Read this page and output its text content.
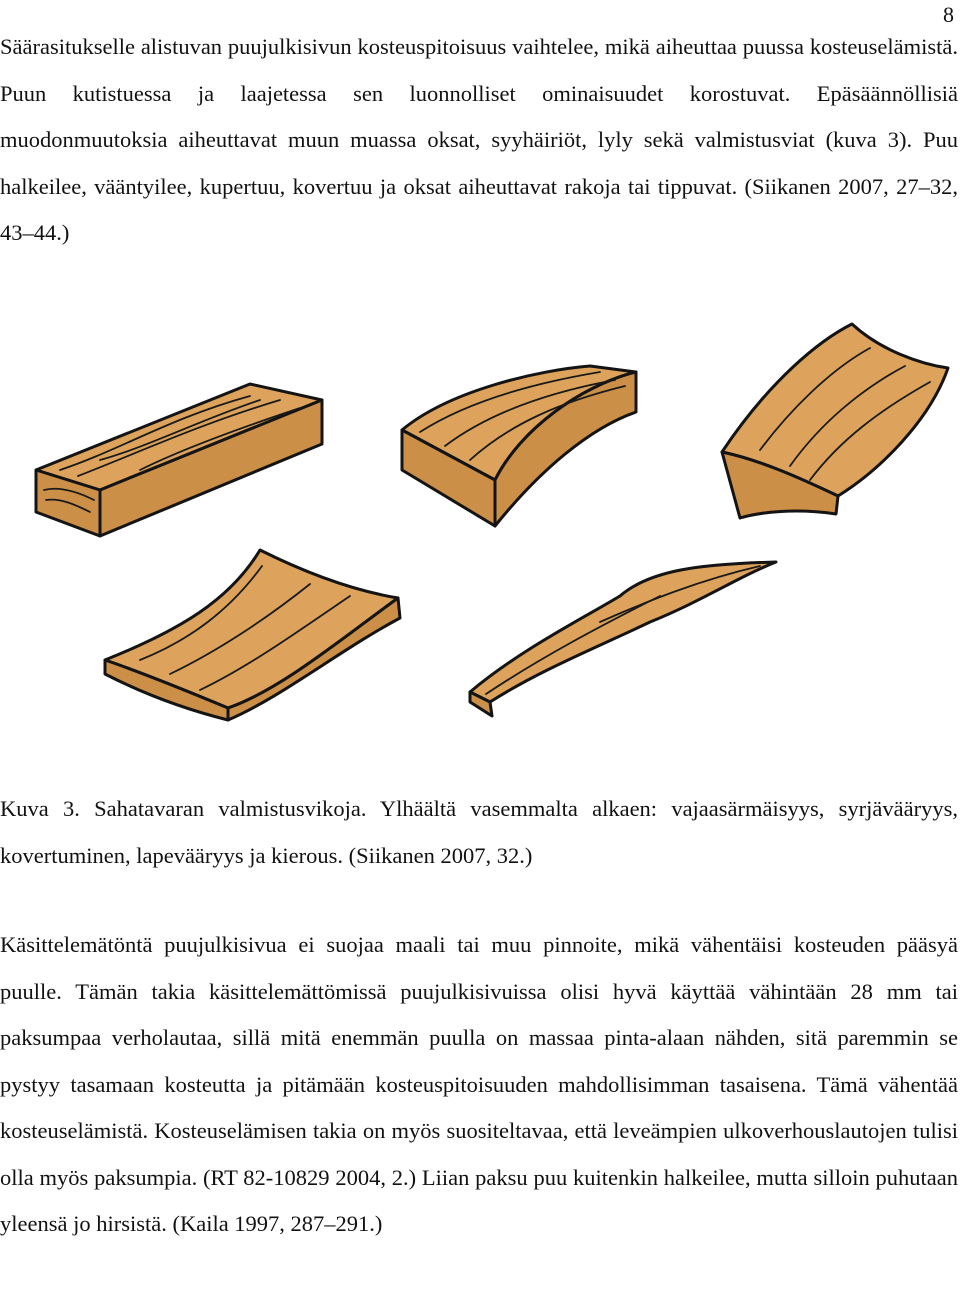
8

Säärasitukselle alistuvan puujulkisivun kosteuspitoisuus vaihtelee, mikä aiheuttaa puussa kosteuselämistä. Puun kutistuessa ja laajetessa sen luonnolliset ominaisuudet korostuvat. Epäsäännöllisiä muodonmuutoksia aiheuttavat muun muassa oksat, syyhäiriöt, lyly sekä valmistusviat (kuva 3). Puu halkeilee, vääntyilee, kupertuu, kovertuu ja oksat aiheuttavat rakoja tai tippuvat. (Siikanen 2007, 27–32, 43–44.)

Kuva 3. Sahatavaran valmistusvikoja. Ylhäältä vasemmalta alkaen: vajaasärmäisyys, syrjävääryys, kovertuminen, lapevääryys ja kierous. (Siikanen 2007, 32.)

Käsittelemätöntä puujulkisivua ei suojaa maali tai muu pinnoite, mikä vähentäisi kosteuden pääsyä puulle. Tämän takia käsittelemättömissä puujulkisivuissa olisi hyvä käyttää vähintään 28 mm tai paksumpaa verholautaa, sillä mitä enemmän puulla on massaa pinta-alaan nähden, sitä paremmin se pystyy tasamaan kosteutta ja pitämään kosteuspitoisuuden mahdollisimman tasaisena. Tämä vähentää kosteuselämistä. Kosteuselämisen takia on myös suositeltavaa, että leveämpien ulkoverhouslautojen tulisi olla myös paksumpia. (RT 82-10829 2004, 2.) Liian paksu puu kuitenkin halkeilee, mutta silloin puhutaan yleensä jo hirsistä. (Kaila 1997, 287–291.)
